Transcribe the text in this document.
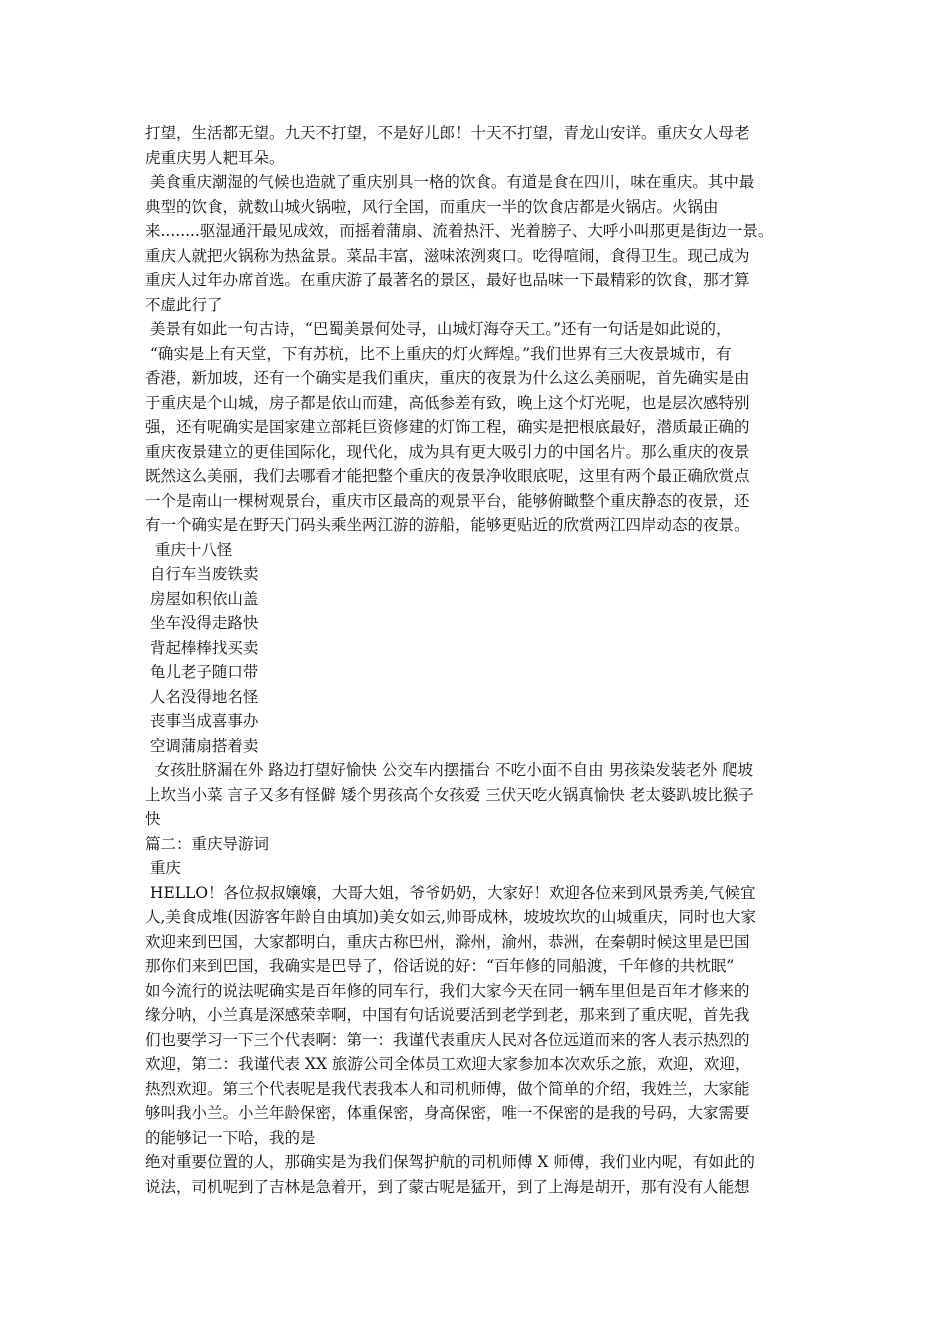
打望，生活都无望。九天不打望，不是好儿郎！十天不打望，青龙山安详。重庆女人母老
虎重庆男人耙耳朵。
美食重庆潮湿的气候也造就了重庆别具一格的饮食。有道是食在四川，味在重庆。其中最
典型的饮食，就数山城火锅啦，风行全国，而重庆一半的饮食店都是火锅店。火锅由
来........驱湿通汗最见成效，而摇着蒲扇、流着热汗、光着膀子、大呼小叫那更是街边一景。
重庆人就把火锅称为热盆景。菜品丰富，滋味浓洌爽口。吃得喧闹，食得卫生。现己成为
重庆人过年办席首选。在重庆游了最著名的景区，最好也品味一下最精彩的饮食，那才算
不虚此行了
美景有如此一句古诗，“巴蜀美景何处寻，山城灯海夺天工。”还有一句话是如此说的，
“确实是上有天堂，下有苏杭，比不上重庆的灯火辉煌。”我们世界有三大夜景城市，有
香港，新加坡，还有一个确实是我们重庆，重庆的夜景为什么这么美丽呢，首先确实是由
于重庆是个山城，房子都是依山而建，高低参差有致，晚上这个灯光呢，也是层次感特别
强，还有呢确实是国家建立部耗巨资修建的灯饰工程，确实是把根底最好，潜质最正确的
重庆夜景建立的更佳国际化，现代化，成为具有更大吸引力的中国名片。那么重庆的夜景
既然这么美丽，我们去哪看才能把整个重庆的夜景净收眼底呢，这里有两个最正确欣赏点
一个是南山一棵树观景台，重庆市区最高的观景平台，能够俯瞰整个重庆静态的夜景，还
有一个确实是在野天门码头乘坐两江游的游船，能够更贴近的欣赏两江四岸动态的夜景。
重庆十八怪
自行车当废铁卖
房屋如积依山盖
坐车没得走路快
背起棒棒找买卖
龟儿老子随口带
人名没得地名怪
丧事当成喜事办
空调蒲扇搭着卖
女孩肚脐漏在外 路边打望好愉快 公交车内摆擂台 不吃小面不自由 男孩染发装老外 爬坡
上坎当小菜 言子又多有怪僻 矮个男孩高个女孩爱 三伏天吃火锅真愉快 老太婆趴坡比猴子
快
篇二：重庆导游词
重庆
HELLO！各位叔叔嬢嬢，大哥大姐，爷爷奶奶，大家好！欢迎各位来到风景秀美,气候宜
人,美食成堆(因游客年龄自由填加)美女如云,帅哥成林，坡坡坎坎的山城重庆，同时也大家
欢迎来到巴国，大家都明白，重庆古称巴州，滁州，渝州，恭洲，在秦朝时候这里是巴国
那你们来到巴国，我确实是巴导了，俗话说的好：“百年修的同船渡，千年修的共枕眠”
如今流行的说法呢确实是百年修的同车行，我们大家今天在同一辆车里但是百年才修来的
缘分呐，小兰真是深感荣幸啊，中国有句话说要活到老学到老，那来到了重庆呢，首先我
们也要学习一下三个代表啊：第一：我谨代表重庆人民对各位远道而来的客人表示热烈的
欢迎，第二：我谨代表 XX 旅游公司全体员工欢迎大家参加本次欢乐之旅，欢迎，欢迎，
热烈欢迎。第三个代表呢是我代表我本人和司机师傅，做个简单的介绍，我姓兰，大家能
够叫我小兰。小兰年龄保密，体重保密，身高保密，唯一不保密的是我的号码，大家需要
的能够记一下哈，我的是
绝对重要位置的人，那确实是为我们保驾护航的司机师傅 X 师傅，我们业内呢，有如此的
说法，司机呢到了吉林是急着开，到了蒙古呢是猛开，到了上海是胡开，那有没有人能想
